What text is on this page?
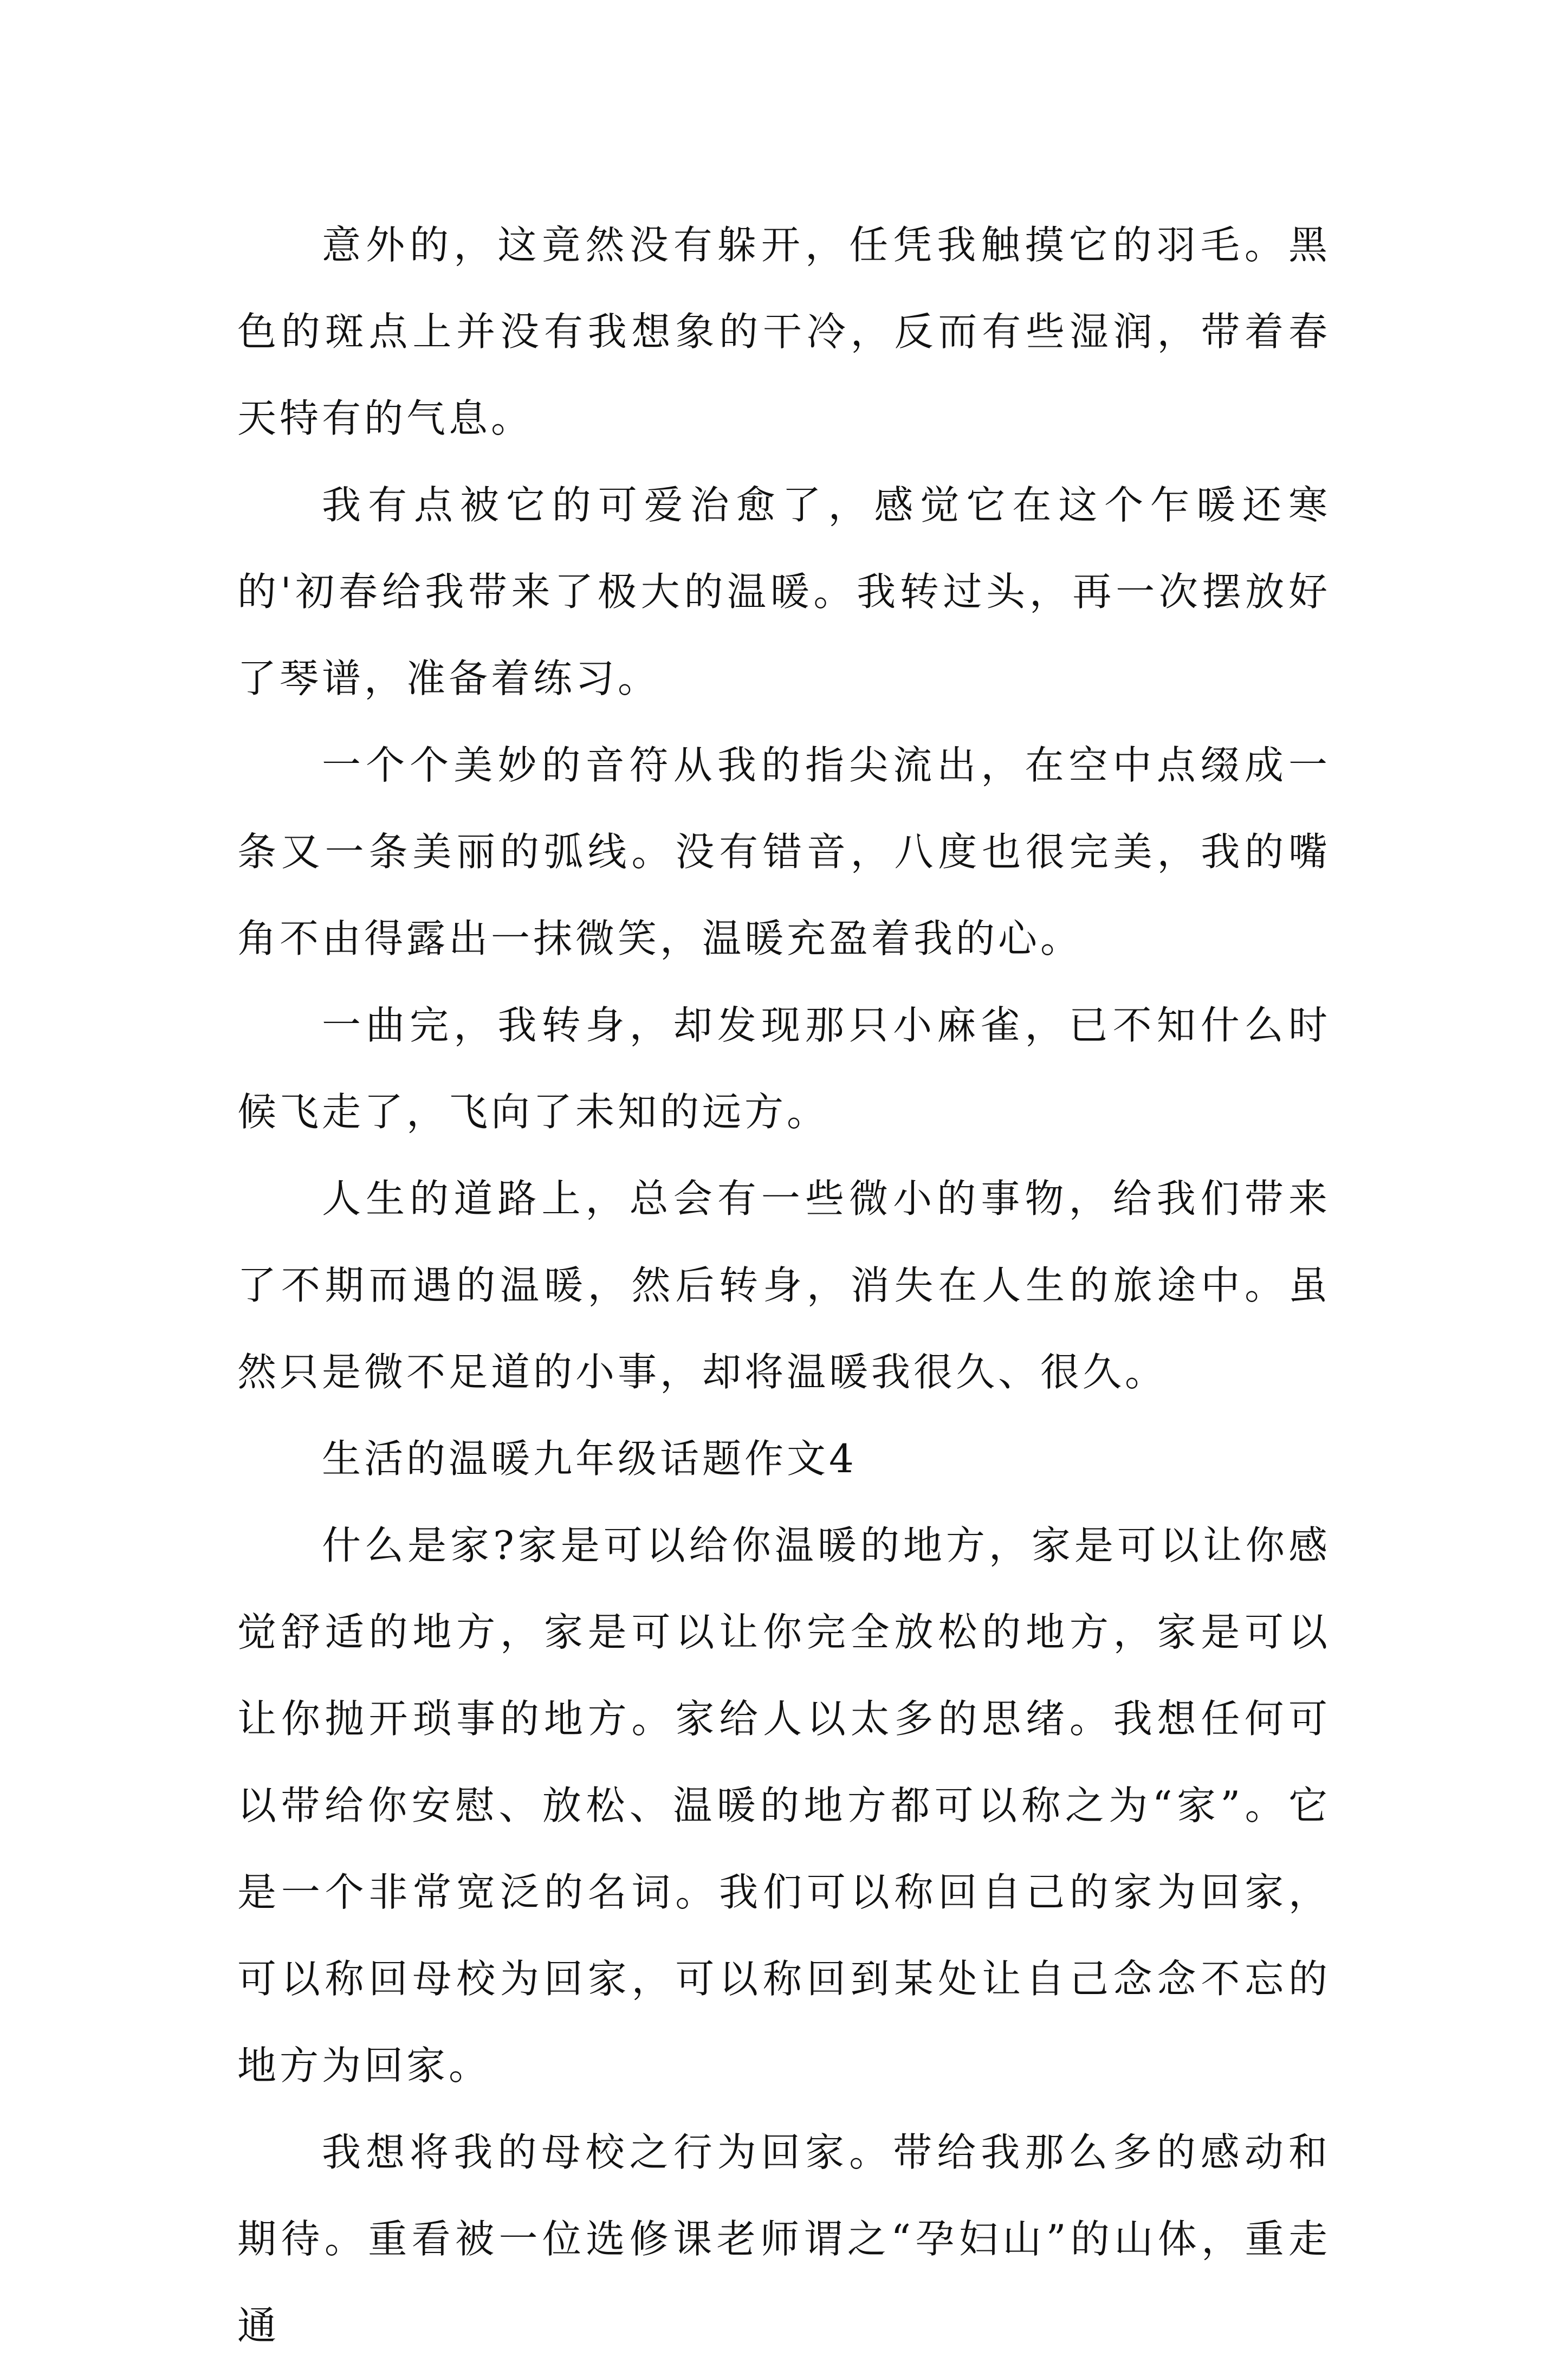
意外的，这竟然没有躲开，任凭我触摸它的羽毛。黑色的斑点上并没有我想象的干冷，反而有些湿润，带着春天特有的气息。

我有点被它的可爱治愈了，感觉它在这个乍暖还寒的'初春给我带来了极大的温暖。我转过头，再一次摆放好了琴谱，准备着练习。

一个个美妙的音符从我的指尖流出，在空中点缀成一条又一条美丽的弧线。没有错音，八度也很完美，我的嘴角不由得露出一抹微笑，温暖充盈着我的心。

一曲完，我转身，却发现那只小麻雀，已不知什么时候飞走了，飞向了未知的远方。

人生的道路上，总会有一些微小的事物，给我们带来了不期而遇的温暖，然后转身，消失在人生的旅途中。虽然只是微不足道的小事，却将温暖我很久、很久。

生活的温暖九年级话题作文4

什么是家?家是可以给你温暖的地方，家是可以让你感觉舒适的地方，家是可以让你完全放松的地方，家是可以让你抛开琐事的地方。家给人以太多的思绪。我想任何可以带给你安慰、放松、温暖的地方都可以称之为“家”。它是一个非常宽泛的名词。我们可以称回自己的家为回家，可以称回母校为回家，可以称回到某处让自己念念不忘的地方为回家。

我想将我的母校之行为回家。带给我那么多的感动和期待。重看被一位选修课老师谓之“孕妇山”的山体，重走通
